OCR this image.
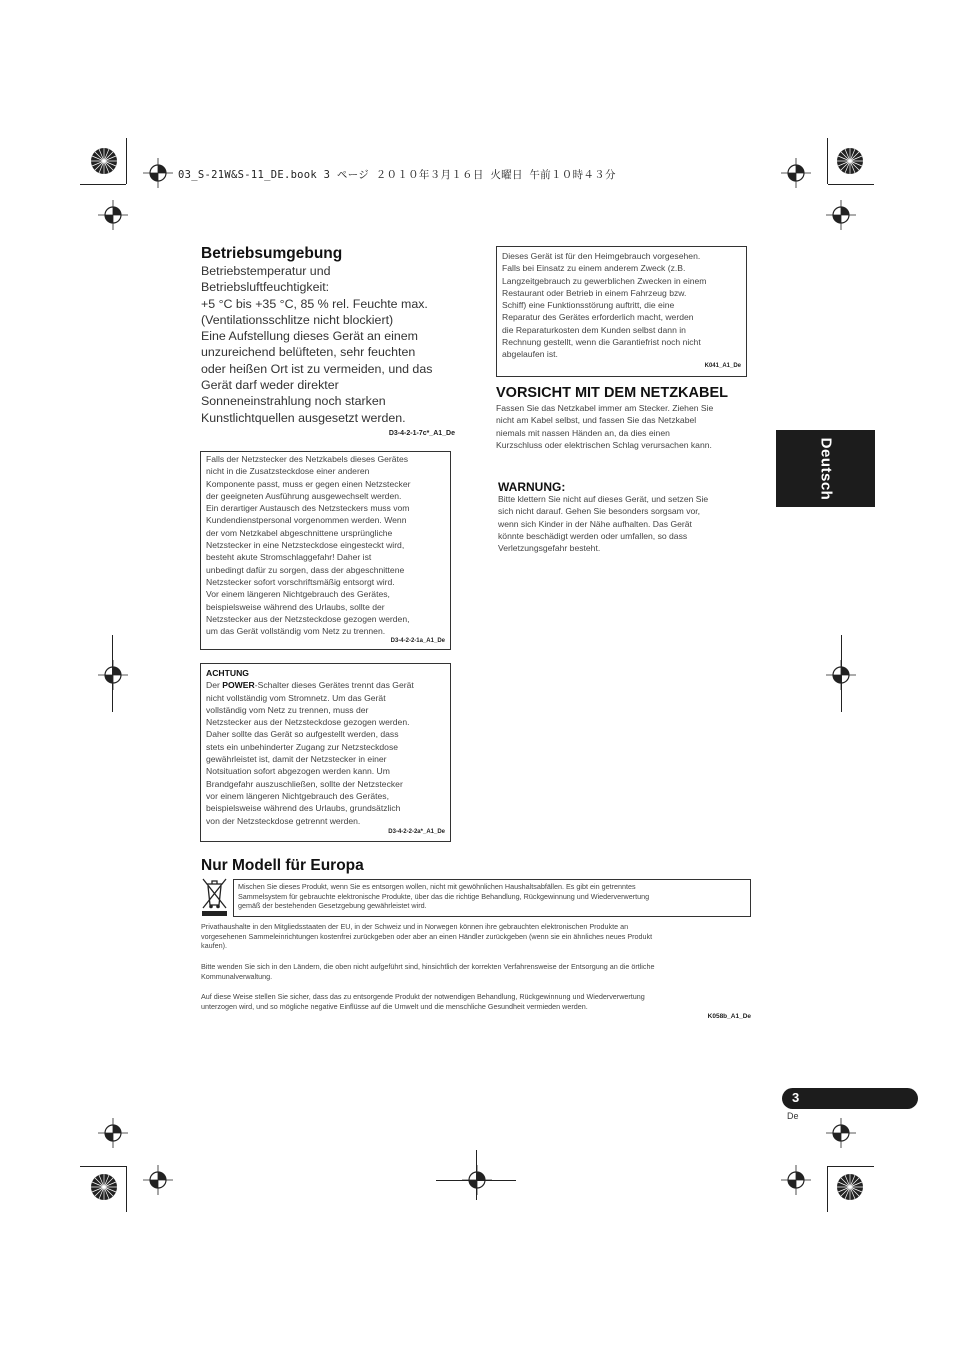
03_S-21W&S-11_DE.book 3 ページ ２０１０年３月１６日 火曜日 午前１０時４３分
Betriebsumgebung
Betriebstemperatur und
Betriebsluftfeuchtigkeit:
+5 °C bis +35 °C, 85 % rel. Feuchte max.
(Ventilationsschlitze nicht blockiert)
Eine Aufstellung dieses Gerät an einem
unzureichend belüfteten, sehr feuchten
oder heißen Ort ist zu vermeiden, und das
Gerät darf weder direkter
Sonneneinstrahlung noch starken
Kunstlichtquellen ausgesetzt werden.
D3-4-2-1-7c*_A1_De
Falls der Netzstecker des Netzkabels dieses Gerätes
nicht in die Zusatzsteckdose einer anderen
Komponente passt, muss er gegen einen Netzstecker
der geeigneten Ausführung ausgewechselt werden.
Ein derartiger Austausch des Netzsteckers muss vom
Kundendienstpersonal vorgenommen werden. Wenn
der vom Netzkabel abgeschnittene ursprüngliche
Netzstecker in eine Netzsteckdose eingesteckt wird,
besteht akute Stromschlaggefahr! Daher ist
unbedingt dafür zu sorgen, dass der abgeschnittene
Netzstecker sofort vorschriftsmäßig entsorgt wird.
Vor einem längeren Nichtgebrauch des Gerätes,
beispielsweise während des Urlaubs, sollte der
Netzstecker aus der Netzsteckdose gezogen werden,
um das Gerät vollständig vom Netz zu trennen.
D3-4-2-2-1a_A1_De
ACHTUNG
Der POWER-Schalter dieses Gerätes trennt das Gerät
nicht vollständig vom Stromnetz. Um das Gerät
vollständig vom Netz zu trennen, muss der
Netzstecker aus der Netzsteckdose gezogen werden.
Daher sollte das Gerät so aufgestellt werden, dass
stets ein unbehinderter Zugang zur Netzsteckdose
gewährleistet ist, damit der Netzstecker in einer
Notsituation sofort abgezogen werden kann. Um
Brandgefahr auszuschließen, sollte der Netzstecker
vor einem längeren Nichtgebrauch des Gerätes,
beispielsweise während des Urlaubs, grundsätzlich
von der Netzsteckdose getrennt werden.
D3-4-2-2-2a*_A1_De
Dieses Gerät ist für den Heimgebrauch vorgesehen.
Falls bei Einsatz zu einem anderem Zweck (z.B.
Langzeitgebrauch zu gewerblichen Zwecken in einem
Restaurant oder Betrieb in einem Fahrzeug bzw.
Schiff) eine Funktionsstörung auftritt, die eine
Reparatur des Gerätes erforderlich macht, werden
die Reparaturkosten dem Kunden selbst dann in
Rechnung gestellt, wenn die Garantiefrist noch nicht
abgelaufen ist.
K041_A1_De
VORSICHT MIT DEM NETZKABEL
Fassen Sie das Netzkabel immer am Stecker. Ziehen Sie
nicht am Kabel selbst, und fassen Sie das Netzkabel
niemals mit nassen Händen an, da dies einen
Kurzschluss oder elektrischen Schlag verursachen kann.
WARNUNG:
Bitte klettern Sie nicht auf dieses Gerät, und setzen Sie
sich nicht darauf. Gehen Sie besonders sorgsam vor,
wenn sich Kinder in der Nähe aufhalten. Das Gerät
könnte beschädigt werden oder umfallen, so dass
Verletzungsgefahr besteht.
Deutsch
Nur Modell für Europa
Mischen Sie dieses Produkt, wenn Sie es entsorgen wollen, nicht mit gewöhnlichen Haushaltsabfällen. Es gibt ein getrenntes
Sammelsystem für gebrauchte elektronische Produkte, über das die richtige Behandlung, Rückgewinnung und Wiederverwertung
gemäß der bestehenden Gesetzgebung gewährleistet wird.
Privathaushalte in den Mitgliedsstaaten der EU, in der Schweiz und in Norwegen können ihre gebrauchten elektronischen Produkte an
vorgesehenen Sammeleinrichtungen kostenfrei zurückgeben oder aber an einen Händler zurückgeben (wenn sie ein ähnliches neues Produkt
kaufen).
Bitte wenden Sie sich in den Ländern, die oben nicht aufgeführt sind, hinsichtlich der korrekten Verfahrensweise der Entsorgung an die örtliche
Kommunalverwaltung.
Auf diese Weise stellen Sie sicher, dass das zu entsorgende Produkt der notwendigen Behandlung, Rückgewinnung und Wiederverwertung
unterzogen wird, und so mögliche negative Einflüsse auf die Umwelt und die menschliche Gesundheit vermieden werden.
K058b_A1_De
3
De
